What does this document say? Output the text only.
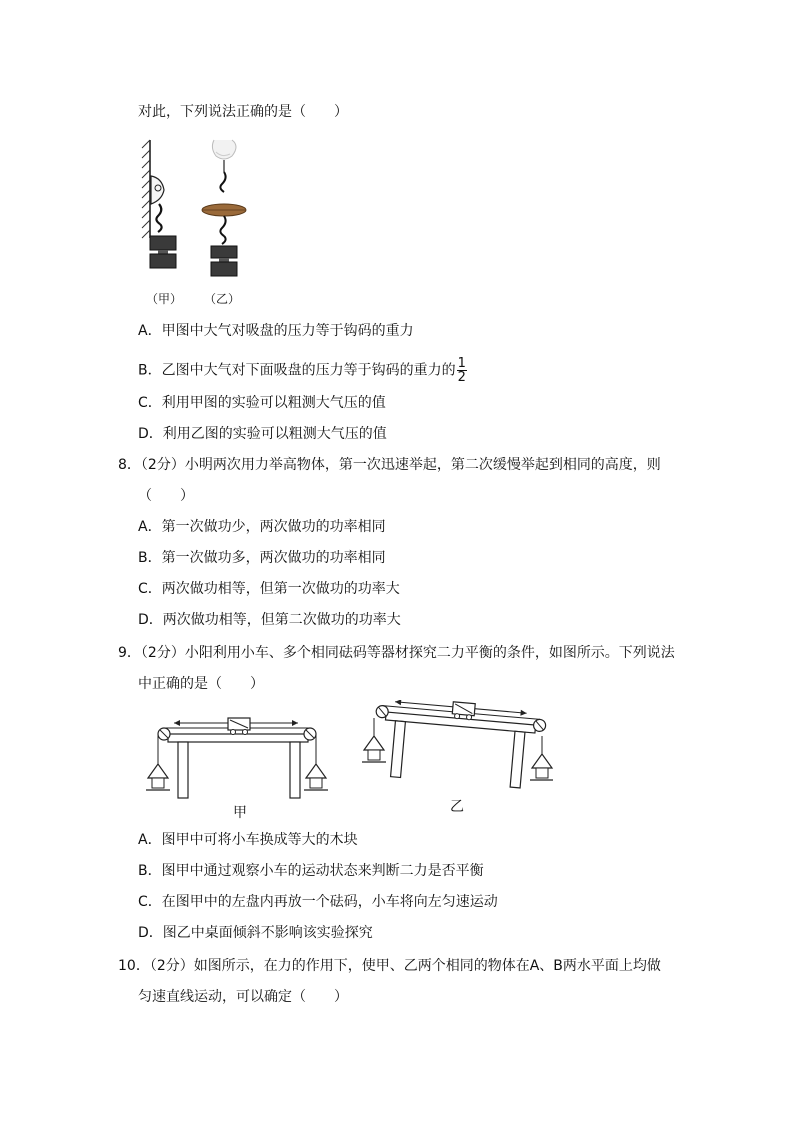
对此，下列说法正确的是（　　）
（甲） （乙）
A．甲图中大气对吸盘的压力等于钩码的重力
B．乙图中大气对下面吸盘的压力等于钩码的重力的 $\frac{1}{2}$
C．利用甲图的实验可以粗测大气压的值
D．利用乙图的实验可以粗测大气压的值
8．（2分）小明两次用力举高物体，第一次迅速举起，第二次缓慢举起到相同的高度，则
（　　）
A．第一次做功少，两次做功的功率相同
B．第一次做功多，两次做功的功率相同
C．两次做功相等，但第一次做功的功率大
D．两次做功相等，但第二次做功的功率大
9．（2分）小阳利用小车、多个相同砝码等器材探究二力平衡的条件，如图所示。下列说法
中正确的是（　　）
甲	乙
A．图甲中可将小车换成等大的木块
B．图甲中通过观察小车的运动状态来判断二力是否平衡
C．在图甲中的左盘内再放一个砝码，小车将向左匀速运动
D．图乙中桌面倾斜不影响该实验探究
10．（2分）如图所示，在力的作用下，使甲、乙两个相同的物体在A、B两水平面上均做
匀速直线运动，可以确定（　　）
